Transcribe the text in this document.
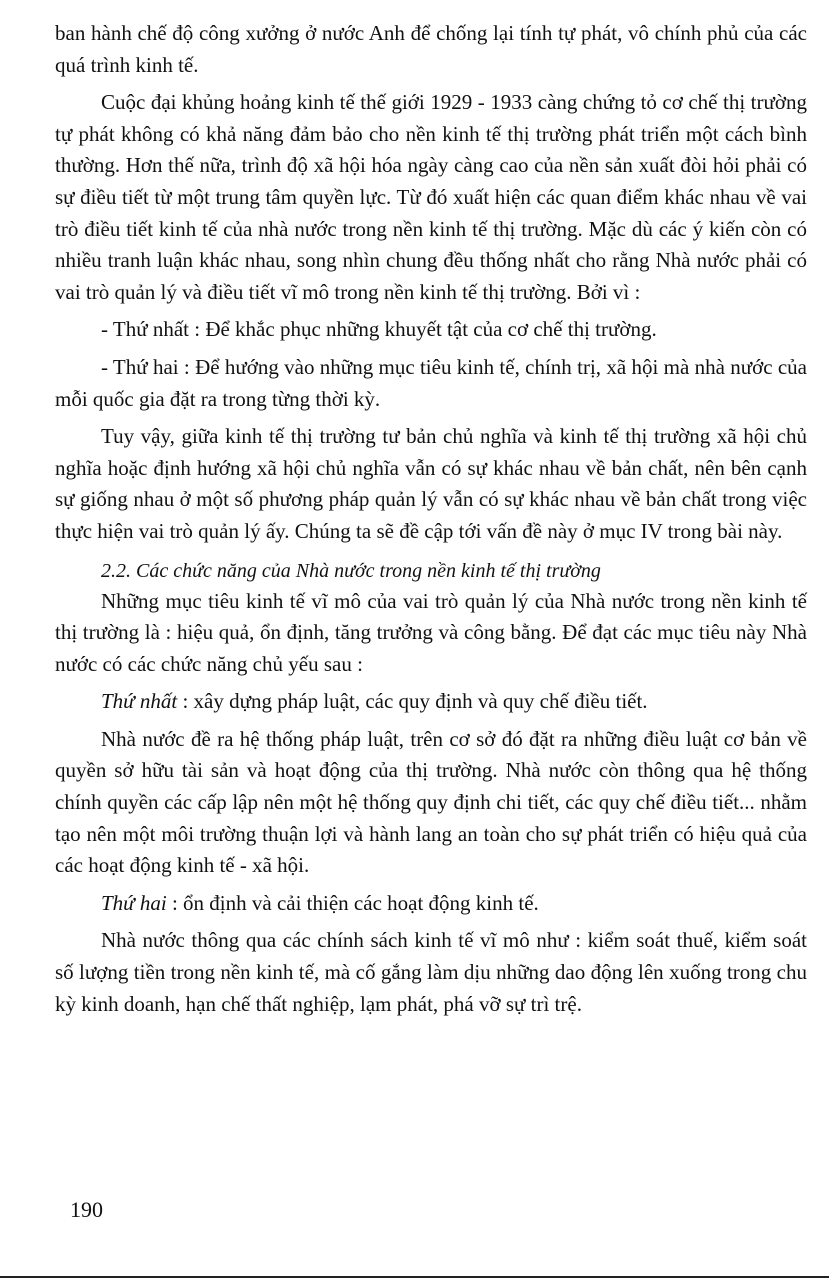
ban hành chế độ công xưởng ở nước Anh để chống lại tính tự phát, vô chính phủ của các quá trình kinh tế.

Cuộc đại khủng hoảng kinh tế thế giới 1929 - 1933 càng chứng tỏ cơ chế thị trường tự phát không có khả năng đảm bảo cho nền kinh tế thị trường phát triển một cách bình thường. Hơn thế nữa, trình độ xã hội hóa ngày càng cao của nền sản xuất đòi hỏi phải có sự điều tiết từ một trung tâm quyền lực. Từ đó xuất hiện các quan điểm khác nhau về vai trò điều tiết kinh tế của nhà nước trong nền kinh tế thị trường. Mặc dù các ý kiến còn có nhiều tranh luận khác nhau, song nhìn chung đều thống nhất cho rằng Nhà nước phải có vai trò quản lý và điều tiết vĩ mô trong nền kinh tế thị trường. Bởi vì :

- Thứ nhất : Để khắc phục những khuyết tật của cơ chế thị trường.

- Thứ hai : Để hướng vào những mục tiêu kinh tế, chính trị, xã hội mà nhà nước của mỗi quốc gia đặt ra trong từng thời kỳ.

Tuy vậy, giữa kinh tế thị trường tư bản chủ nghĩa và kinh tế thị trường xã hội chủ nghĩa hoặc định hướng xã hội chủ nghĩa vẫn có sự khác nhau về bản chất, nên bên cạnh sự giống nhau ở một số phương pháp quản lý vẫn có sự khác nhau về bản chất trong việc thực hiện vai trò quản lý ấy. Chúng ta sẽ đề cập tới vấn đề này ở mục IV trong bài này.

2.2. Các chức năng của Nhà nước trong nền kinh tế thị trường

Những mục tiêu kinh tế vĩ mô của vai trò quản lý của Nhà nước trong nền kinh tế thị trường là : hiệu quả, ổn định, tăng trưởng và công bằng. Để đạt các mục tiêu này Nhà nước có các chức năng chủ yếu sau :

Thứ nhất : xây dựng pháp luật, các quy định và quy chế điều tiết.

Nhà nước đề ra hệ thống pháp luật, trên cơ sở đó đặt ra những điều luật cơ bản về quyền sở hữu tài sản và hoạt động của thị trường. Nhà nước còn thông qua hệ thống chính quyền các cấp lập nên một hệ thống quy định chi tiết, các quy chế điều tiết... nhằm tạo nên một môi trường thuận lợi và hành lang an toàn cho sự phát triển có hiệu quả của các hoạt động kinh tế - xã hội.

Thứ hai : ổn định và cải thiện các hoạt động kinh tế.

Nhà nước thông qua các chính sách kinh tế vĩ mô như : kiểm soát thuế, kiểm soát số lượng tiền trong nền kinh tế, mà cố gắng làm dịu những dao động lên xuống trong chu kỳ kinh doanh, hạn chế thất nghiệp, lạm phát, phá vỡ sự trì trệ.

190
